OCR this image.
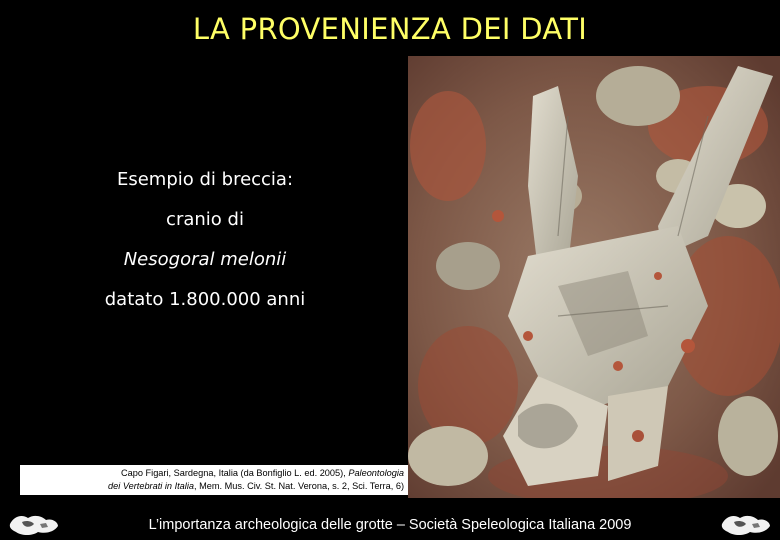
LA PROVENIENZA DEI DATI
Esempio di breccia:
cranio di
Nesogoral melonii
datato 1.800.000 anni
Capo Figari, Sardegna, Italia (da Bonfiglio L. ed. 2005), Paleontologia
dei Vertebrati in Italia, Mem. Mus. Civ. St. Nat. Verona, s. 2, Sci. Terra, 6)
L’importanza archeologica delle grotte – Società Speleologica Italiana 2009
